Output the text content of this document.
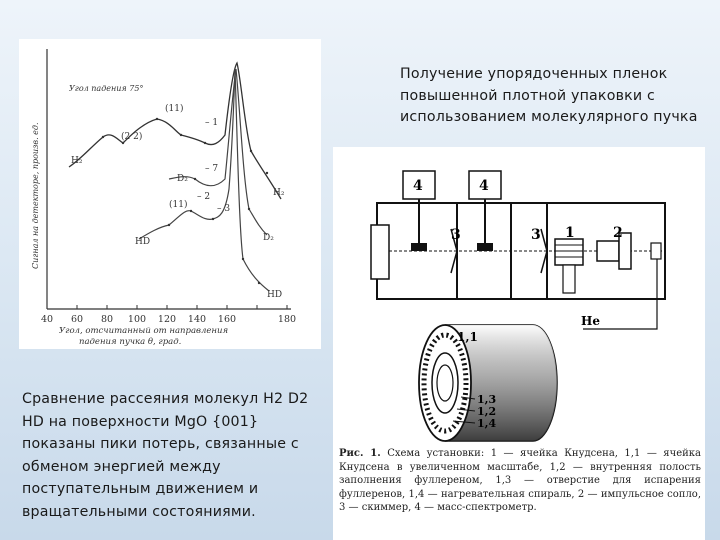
40 60 80 100 120 140 160	180
Угол, отсчитанный от направления
падения пучка θ, град.
Сигнал на детекторе, произв. ед.
Угол падения 75°
H₂
D₂
HD
(11)
(2 2)
(11)
– 1
– 7
– 2
– 3
H₂
D₂
HD
Сравнение рассеяния молекул H2 D2 HD на поверхности MgO {001} показаны пики потерь, связанные с обменом энергией между поступательным движением и вращательными состояниями.
Получение упорядоченных пленок повышенной плотной упаковки с использованием молекулярного пучка
4	4
3	3 1	2
He
1,1
1,3
1,2
1,4
Рис. 1. Схема установки: 1 — ячейка Кнудсена, 1,1 — ячейка Кнудсена в увеличенном масштабе, 1,2 — внутренняя полость заполнения фуллереном, 1,3 — отверстие для испарения фуллеренов, 1,4 — нагревательная спираль, 2 — импульсное сопло, 3 — скиммер, 4 — масс-спектрометр.
